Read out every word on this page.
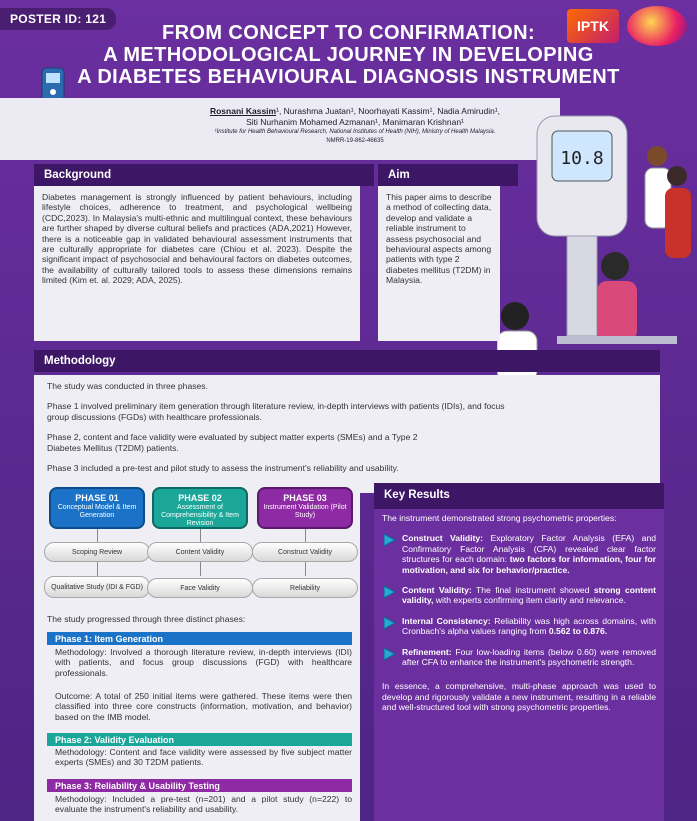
POSTER ID: 121	IPTK
FROM CONCEPT TO CONFIRMATION:
A METHODOLOGICAL JOURNEY IN DEVELOPING
A DIABETES BEHAVIOURAL DIAGNOSIS INSTRUMENT
Rosnani Kassim¹, Nurashma Juatan¹, Noorhayati Kassim¹, Nadia Amirudin¹,
Siti Nurhanim Mohamed Azmanan¹, Manimaran Krishnan¹
¹Institute for Health Behavioural Research, National Institutes of Health (NIH), Ministry of Health Malaysia.
NMRR-19-862-46635
10.8
Background

Diabetes management is strongly influenced by patient behaviours, including lifestyle choices, adherence to treatment, and psychological wellbeing (CDC,2023). In Malaysia's multi-ethnic and multilingual context, these behaviours are further shaped by diverse cultural beliefs and practices (ADA,2021) However, there is a noticeable gap in validated behavioural assessment instruments that are culturally appropriate for diabetes care (Chiou et al. 2023). Despite the significant impact of psychosocial and behavioural factors on diabetes outcomes, the availability of culturally tailored tools to assess these dimensions remains limited (Kim et. al. 2029; ADA, 2025).

Aim

This paper aims to describe a method of collecting data, develop and validate a reliable instrument to assess psychosocial and behavioural aspects among patients with type 2 diabetes mellitus (T2DM) in Malaysia.

Methodology

The study was conducted in three phases.

Phase 1 involved preliminary item generation through literature review, in-depth interviews with patients (IDIs), and focus group discussions (FGDs) with healthcare professionals.

Phase 2, content and face validity were evaluated by subject matter experts (SMEs) and a Type 2 Diabetes Mellitus (T2DM) patients.

Phase 3 included a pre-test and pilot study to assess the instrument's reliability and usability.

PHASE 01
Conceptual Model & Item Generation
PHASE 02
Assessment of Comprehensibility & Item Revision
PHASE 03
Instrument Validation (Pilot Study)
Scoping Review	Content Validity	Construct Validity
Qualitative Study (IDI & FGD)	Face Validity	Reliability

The study progressed through three distinct phases:

Phase 1: Item Generation

Methodology: Involved a thorough literature review, in-depth interviews (IDI) with patients, and focus group discussions (FGD) with healthcare professionals.

Outcome: A total of 250 initial items were gathered. These items were then classified into three core constructs (information, motivation, and behavior) based on the IMB model.

Phase 2: Validity Evaluation

Methodology: Content and face validity were assessed by five subject matter experts (SMEs) and 30 T2DM patients.

Phase 3: Reliability & Usability Testing

Methodology: Included a pre-test (n=201) and a pilot study (n=222) to evaluate the instrument's reliability and usability.

Key Results

The instrument demonstrated strong psychometric properties:

Construct Validity: Exploratory Factor Analysis (EFA) and Confirmatory Factor Analysis (CFA) revealed clear factor structures for each domain: two factors for information, four for motivation, and six for behavior/practice.
Content Validity: The final instrument showed strong content validity, with experts confirming item clarity and relevance.
Internal Consistency: Reliability was high across domains, with Cronbach's alpha values ranging from 0.562 to 0.876.
Refinement: Four low-loading items (below 0.60) were removed after CFA to enhance the instrument's psychometric strength.

In essence, a comprehensive, multi-phase approach was used to develop and rigorously validate a new instrument, resulting in a reliable and well-structured tool with strong psychometric properties.
